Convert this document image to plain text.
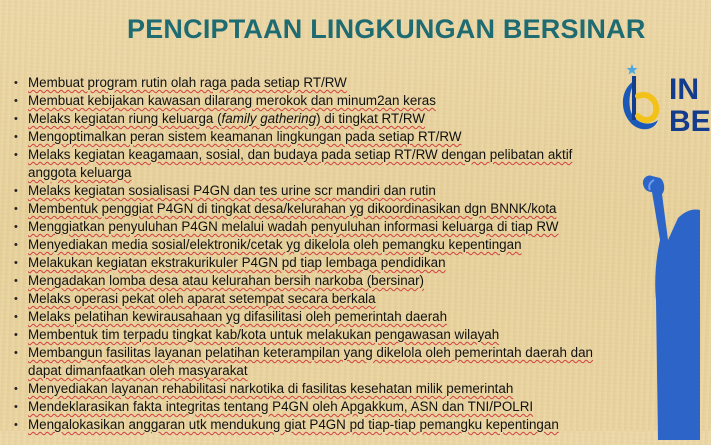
PENCIPTAAN LINGKUNGAN BERSINAR
• Membuat program rutin olah raga pada setiap RT/RW
• Membuat kebijakan kawasan dilarang merokok dan minum2an keras
• Melaks kegiatan riung keluarga (family gathering) di tingkat RT/RW
• Mengoptimalkan peran sistem keamanan lingkungan pada setiap RT/RW
• Melaks kegiatan keagamaan, sosial, dan budaya pada setiap RT/RW dengan pelibatan aktif anggota keluarga
• Melaks kegiatan sosialisasi P4GN dan tes urine scr mandiri dan rutin
• Membentuk penggiat P4GN di tingkat desa/kelurahan yg dikoordinasikan dgn BNNK/kota
• Menggiatkan penyuluhan P4GN melalui wadah penyuluhan informasi keluarga di tiap RW
• Menyediakan media sosial/elektronik/cetak yg dikelola oleh pemangku kepentingan
• Melakukan kegiatan ekstrakurikuler P4GN pd tiap lembaga pendidikan
• Mengadakan lomba desa atau kelurahan bersih narkoba (bersinar)
• Melaks operasi pekat oleh aparat setempat secara berkala
• Melaks pelatihan kewirausahaan yg difasilitasi oleh pemerintah daerah
• Membentuk tim terpadu tingkat kab/kota untuk melakukan pengawasan wilayah
• Membangun fasilitas layanan pelatihan keterampilan yang dikelola oleh pemerintah daerah dan dapat dimanfaatkan oleh masyarakat
• Menyediakan layanan rehabilitasi narkotika di fasilitas kesehatan milik pemerintah
• Mendeklarasikan fakta integritas tentang P4GN oleh Apgakkum, ASN dan TNI/POLRI
• Mengalokasikan anggaran utk mendukung giat P4GN pd tiap-tiap pemangku kepentingan
IN
BE
